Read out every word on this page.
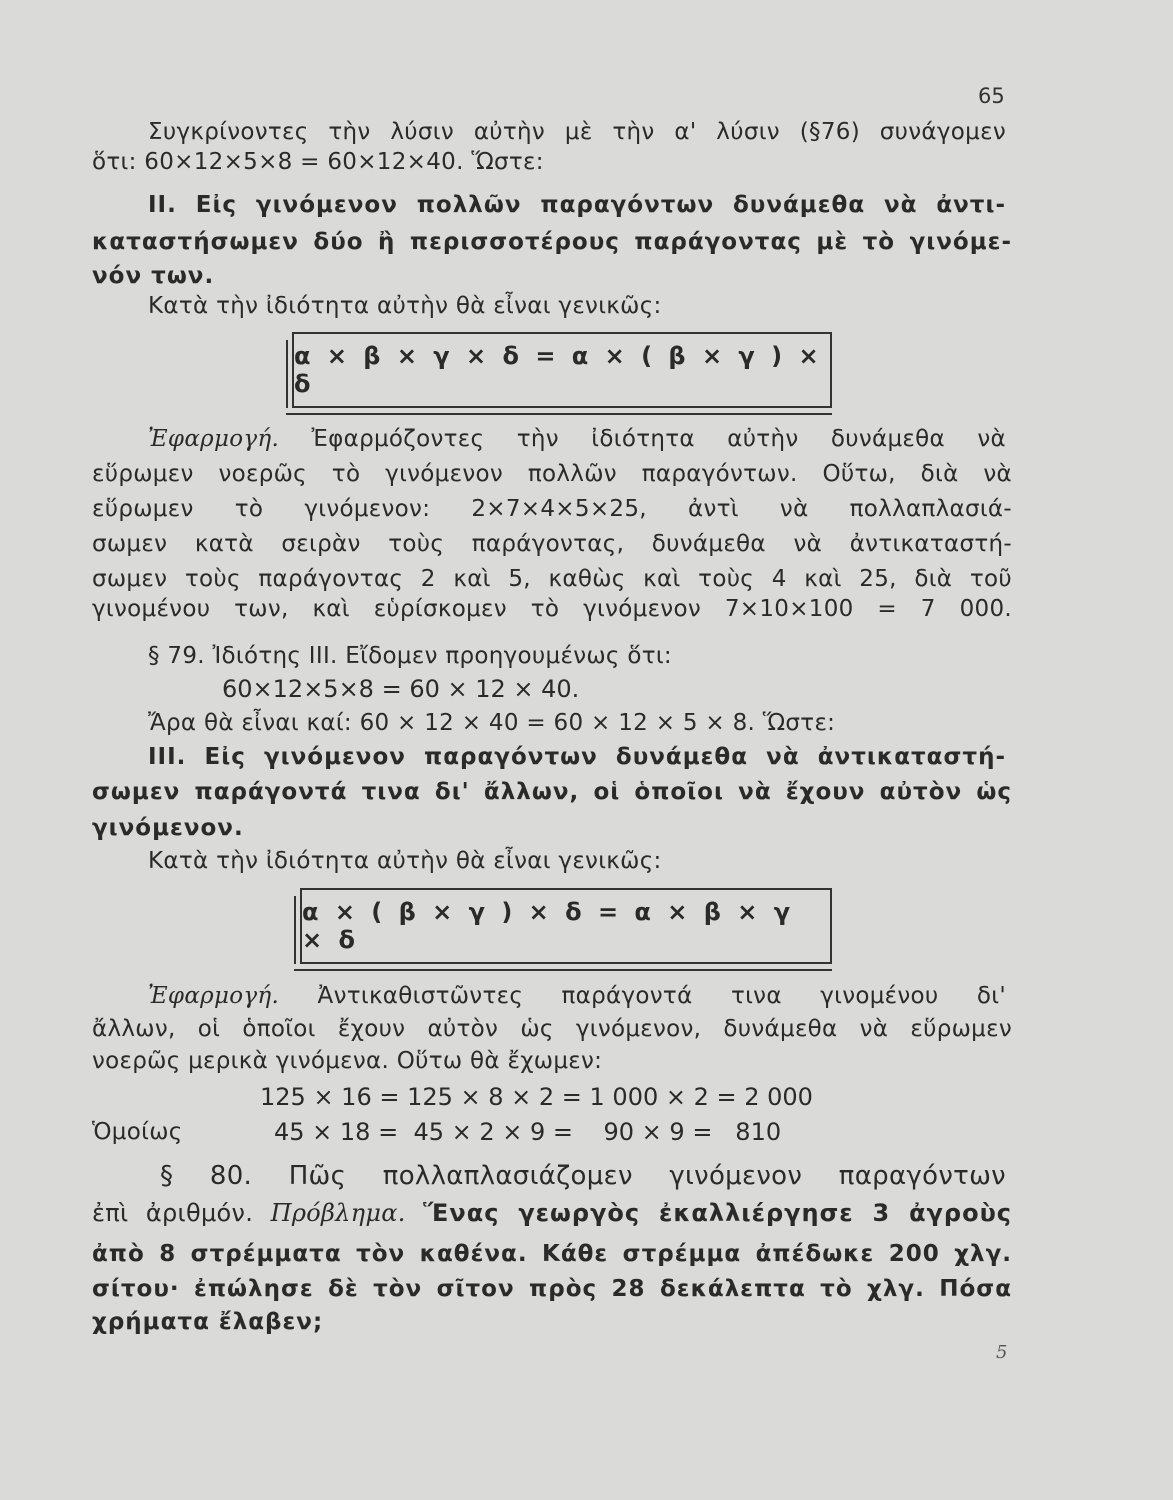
65
Συγκρίνοντες τὴν λύσιν αὐτὴν μὲ τὴν α' λύσιν (§76) συνάγομεν
ὅτι: 60×12×5×8 = 60×12×40. Ὥστε:
II. Εἰς γινόμενον πολλῶν παραγόντων δυνάμεθα νὰ ἀντι-
καταστήσωμεν δύο ἢ περισσοτέρους παράγοντας μὲ τὸ γινόμε-
νόν των.
Κατὰ τὴν ἰδιότητα αὐτὴν θὰ εἶναι γενικῶς:
α × β × γ × δ = α × ( β × γ ) × δ
Ἐφαρμογή. Ἐφαρμόζοντες τὴν ἰδιότητα αὐτὴν δυνάμεθα νὰ
εὕρωμεν νοερῶς τὸ γινόμενον πολλῶν παραγόντων. Οὕτω, διὰ νὰ
εὕρωμεν τὸ γινόμενον: 2×7×4×5×25, ἀντὶ νὰ πολλαπλασιά-
σωμεν κατὰ σειρὰν τοὺς παράγοντας, δυνάμεθα νὰ ἀντικαταστή-
σωμεν τοὺς παράγοντας 2 καὶ 5, καθὼς καὶ τοὺς 4 καὶ 25, διὰ τοῦ
γινομένου των, καὶ εὑρίσκομεν τὸ γινόμενον 7×10×100 = 7 000.
§ 79. Ἰδιότης III. Εἴδομεν προηγουμένως ὅτι:
60×12×5×8 = 60 × 12 × 40.
Ἄρα θὰ εἶναι καί: 60 × 12 × 40 = 60 × 12 × 5 × 8. Ὥστε:
III. Εἰς γινόμενον παραγόντων δυνάμεθα νὰ ἀντικαταστή-
σωμεν παράγοντά τινα δι' ἄλλων, οἱ ὁποῖοι νὰ ἔχουν αὐτὸν ὡς
γινόμενον.
Κατὰ τὴν ἰδιότητα αὐτὴν θὰ εἶναι γενικῶς:
α × ( β × γ ) × δ = α × β × γ × δ
Ἐφαρμογή. Ἀντικαθιστῶντες παράγοντά τινα γινομένου δι'
ἄλλων, οἱ ὁποῖοι ἔχουν αὐτὸν ὡς γινόμενον, δυνάμεθα νὰ εὕρωμεν
νοερῶς μερικὰ γινόμενα. Οὕτω θὰ ἔχωμεν:
125 × 16 = 125 × 8 × 2 = 1 000 × 2 = 2 000
Ὁμοίως	45 × 18 =  45 × 2 × 9 =    90 × 9 =   810
§ 80. Πῶς πολλαπλασιάζομεν γινόμενον παραγόντων
ἐπὶ ἀριθμόν. Πρόβλημα. Ἕνας γεωργὸς ἐκαλλιέργησε 3 ἀγροὺς
ἀπὸ 8 στρέμματα τὸν καθένα. Κάθε στρέμμα ἀπέδωκε 200 χλγ.
σίτου· ἐπώλησε δὲ τὸν σῖτον πρὸς 28 δεκάλεπτα τὸ χλγ. Πόσα
χρήματα ἔλαβεν;
5
